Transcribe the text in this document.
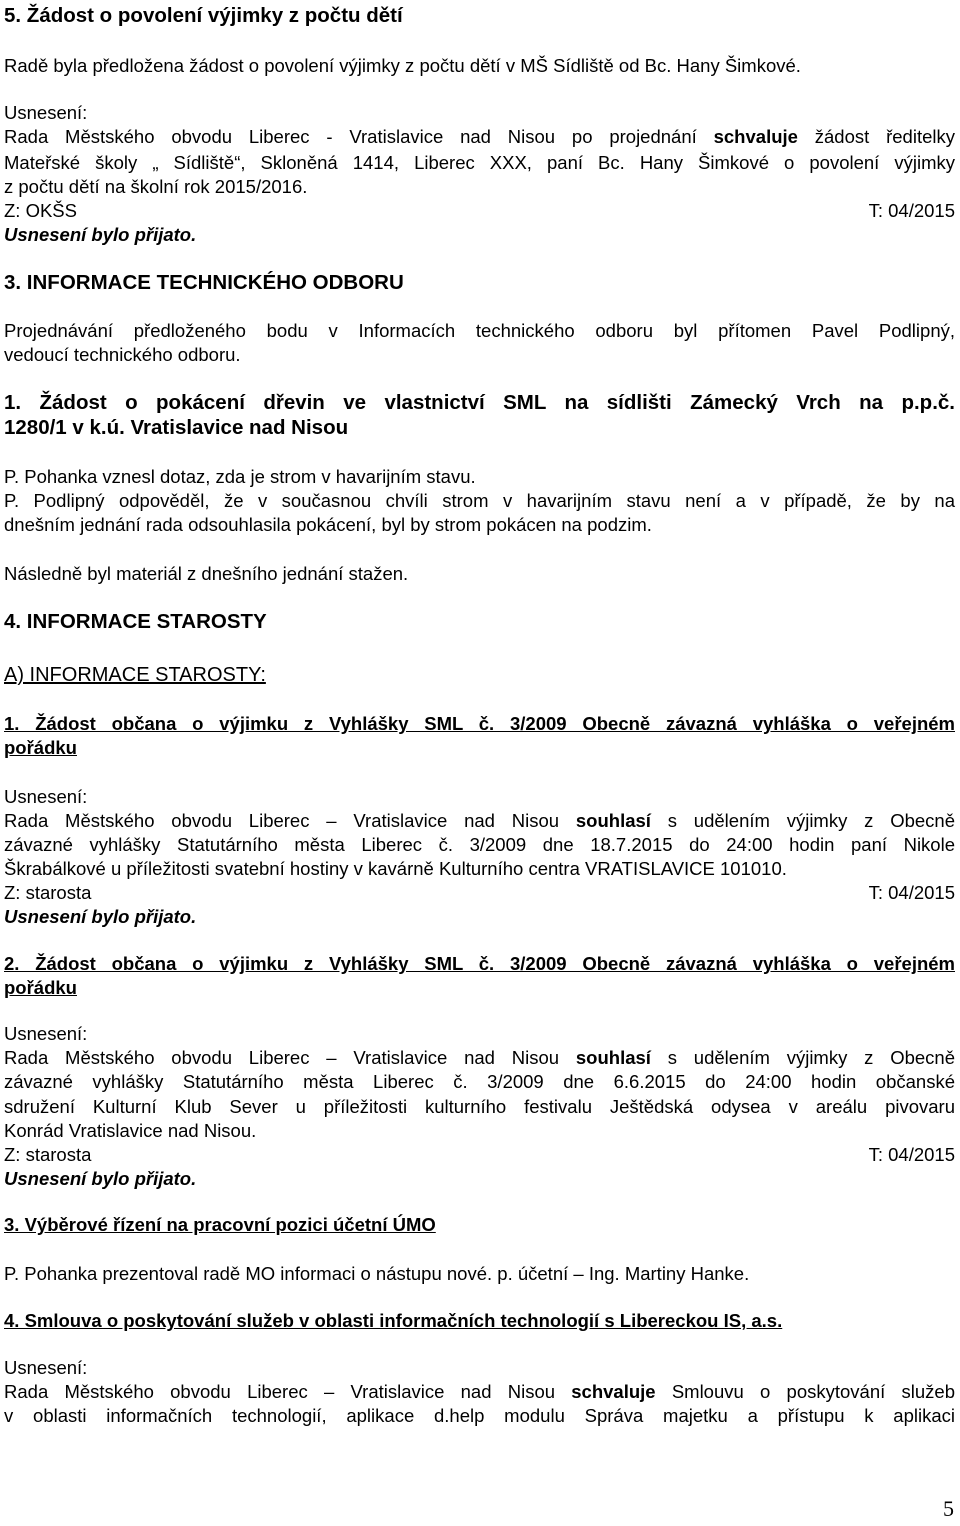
5. Žádost o povolení výjimky z počtu dětí
Radě byla předložena žádost o povolení výjimky z počtu dětí v MŠ Sídliště od Bc. Hany Šimkové.
Usnesení:
Rada Městského obvodu Liberec - Vratislavice nad Nisou po projednání schvaluje žádost ředitelky
Mateřské školy „ Sídliště“, Skloněná 1414, Liberec XXX, paní Bc. Hany Šimkové o povolení výjimky
z počtu dětí na školní rok 2015/2016.
Z: OKŠS	T: 04/2015
Usnesení bylo přijato.
3. INFORMACE TECHNICKÉHO ODBORU
Projednávání předloženého bodu v Informacích technického odboru byl přítomen Pavel Podlipný,
vedoucí technického odboru.
1. Žádost o pokácení dřevin ve vlastnictví SML na sídlišti Zámecký Vrch na p.p.č.
1280/1 v k.ú. Vratislavice nad Nisou
P. Pohanka vznesl dotaz, zda je strom v havarijním stavu.
P. Podlipný odpověděl, že v současnou chvíli strom v havarijním stavu není a v případě, že by na
dnešním jednání rada odsouhlasila pokácení, byl by strom pokácen na podzim.
Následně byl materiál z dnešního jednání stažen.
4. INFORMACE STAROSTY
A) INFORMACE STAROSTY:
1. Žádost občana o výjimku z Vyhlášky SML č. 3/2009 Obecně závazná vyhláška o veřejném
pořádku
Usnesení:
Rada Městského obvodu Liberec – Vratislavice nad Nisou souhlasí s udělením výjimky z Obecně
závazné vyhlášky Statutárního města Liberec č. 3/2009 dne 18.7.2015 do 24:00 hodin paní Nikole
Škrabálkové u příležitosti svatební hostiny v kavárně Kulturního centra VRATISLAVICE 101010.
Z: starosta	T: 04/2015
Usnesení bylo přijato.
2. Žádost občana o výjimku z Vyhlášky SML č. 3/2009 Obecně závazná vyhláška o veřejném
pořádku
Usnesení:
Rada Městského obvodu Liberec – Vratislavice nad Nisou souhlasí s udělením výjimky z Obecně
závazné vyhlášky Statutárního města Liberec č. 3/2009 dne 6.6.2015 do 24:00 hodin občanské
sdružení Kulturní Klub Sever u příležitosti kulturního festivalu Ještědská odysea v areálu pivovaru
Konrád Vratislavice nad Nisou.
Z: starosta	T: 04/2015
Usnesení bylo přijato.
3. Výběrové řízení na pracovní pozici účetní ÚMO
P. Pohanka prezentoval radě MO informaci o nástupu nové. p. účetní – Ing. Martiny Hanke.
4. Smlouva o poskytování služeb v oblasti informačních technologií s Libereckou IS, a.s.
Usnesení:
Rada Městského obvodu Liberec – Vratislavice nad Nisou schvaluje Smlouvu o poskytování služeb
v oblasti informačních technologií, aplikace d.help modulu Správa majetku a přístupu k aplikaci
5
